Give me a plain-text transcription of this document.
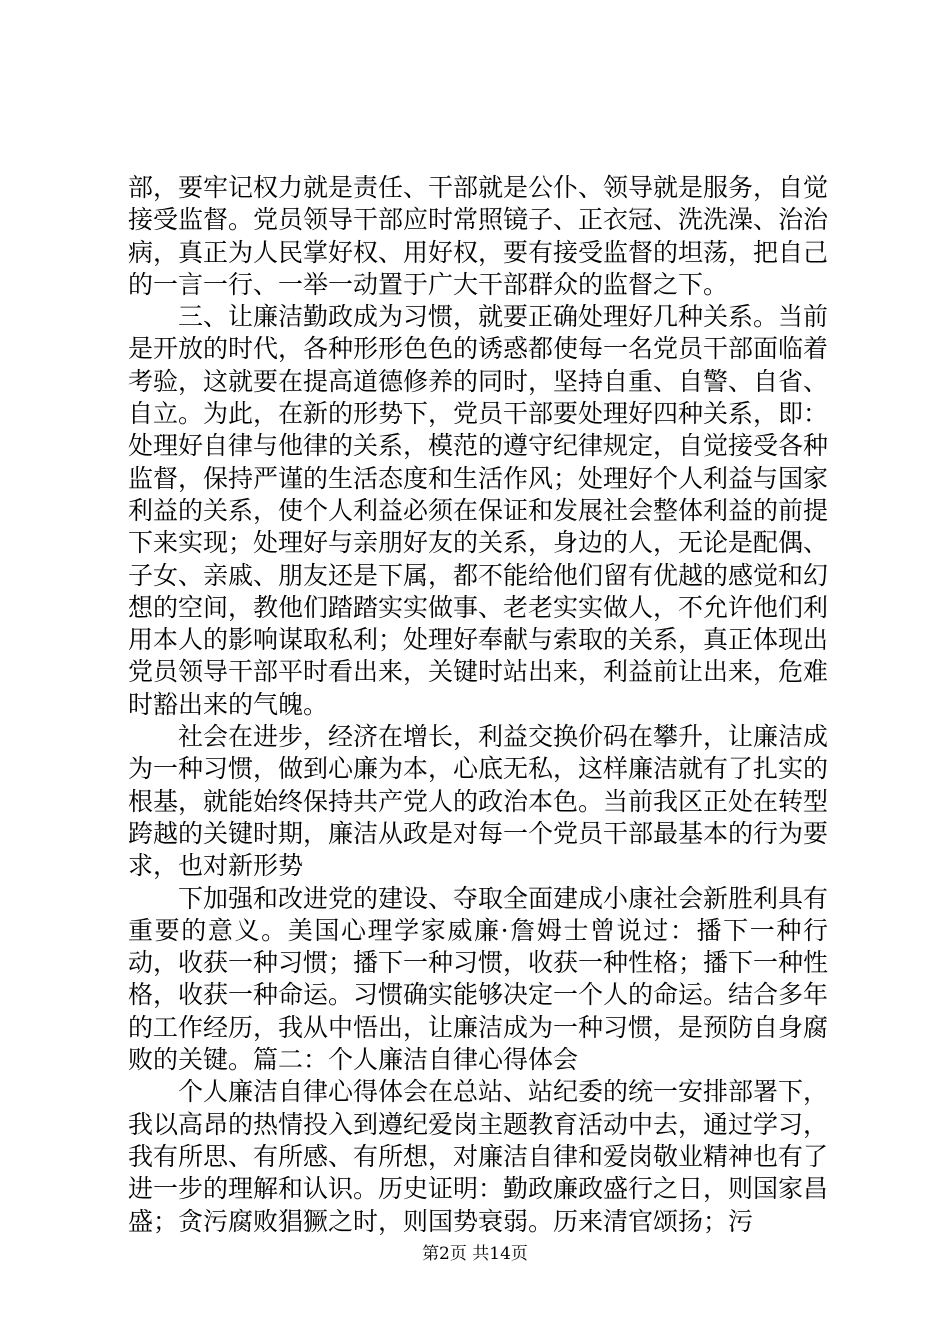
部，要牢记权力就是责任、干部就是公仆、领导就是服务，自觉接受监督。党员领导干部应时常照镜子、正衣冠、洗洗澡、治治病，真正为人民掌好权、用好权，要有接受监督的坦荡，把自己的一言一行、一举一动置于广大干部群众的监督之下。

三、让廉洁勤政成为习惯，就要正确处理好几种关系。当前是开放的时代，各种形形色色的诱惑都使每一名党员干部面临着考验，这就要在提高道德修养的同时，坚持自重、自警、自省、自立。为此，在新的形势下，党员干部要处理好四种关系，即：处理好自律与他律的关系，模范的遵守纪律规定，自觉接受各种监督，保持严谨的生活态度和生活作风；处理好个人利益与国家利益的关系，使个人利益必须在保证和发展社会整体利益的前提下来实现；处理好与亲朋好友的关系，身边的人，无论是配偶、子女、亲戚、朋友还是下属，都不能给他们留有优越的感觉和幻想的空间，教他们踏踏实实做事、老老实实做人，不允许他们利用本人的影响谋取私利；处理好奉献与索取的关系，真正体现出党员领导干部平时看出来，关键时站出来，利益前让出来，危难时豁出来的气魄。

社会在进步，经济在增长，利益交换价码在攀升，让廉洁成为一种习惯，做到心廉为本，心底无私，这样廉洁就有了扎实的根基，就能始终保持共产党人的政治本色。当前我区正处在转型跨越的关键时期，廉洁从政是对每一个党员干部最基本的行为要求，也对新形势

下加强和改进党的建设、夺取全面建成小康社会新胜利具有重要的意义。美国心理学家威廉·詹姆士曾说过：播下一种行动，收获一种习惯；播下一种习惯，收获一种性格；播下一种性格，收获一种命运。习惯确实能够决定一个人的命运。结合多年的工作经历，我从中悟出，让廉洁成为一种习惯，是预防自身腐败的关键。篇二：个人廉洁自律心得体会

个人廉洁自律心得体会在总站、站纪委的统一安排部署下，我以高昂的热情投入到遵纪爱岗主题教育活动中去，通过学习，我有所思、有所感、有所想，对廉洁自律和爱岗敬业精神也有了进一步的理解和认识。历史证明：勤政廉政盛行之日，则国家昌盛；贪污腐败猖獗之时，则国势衰弱。历来清官颂扬；污

第2页 共14页
